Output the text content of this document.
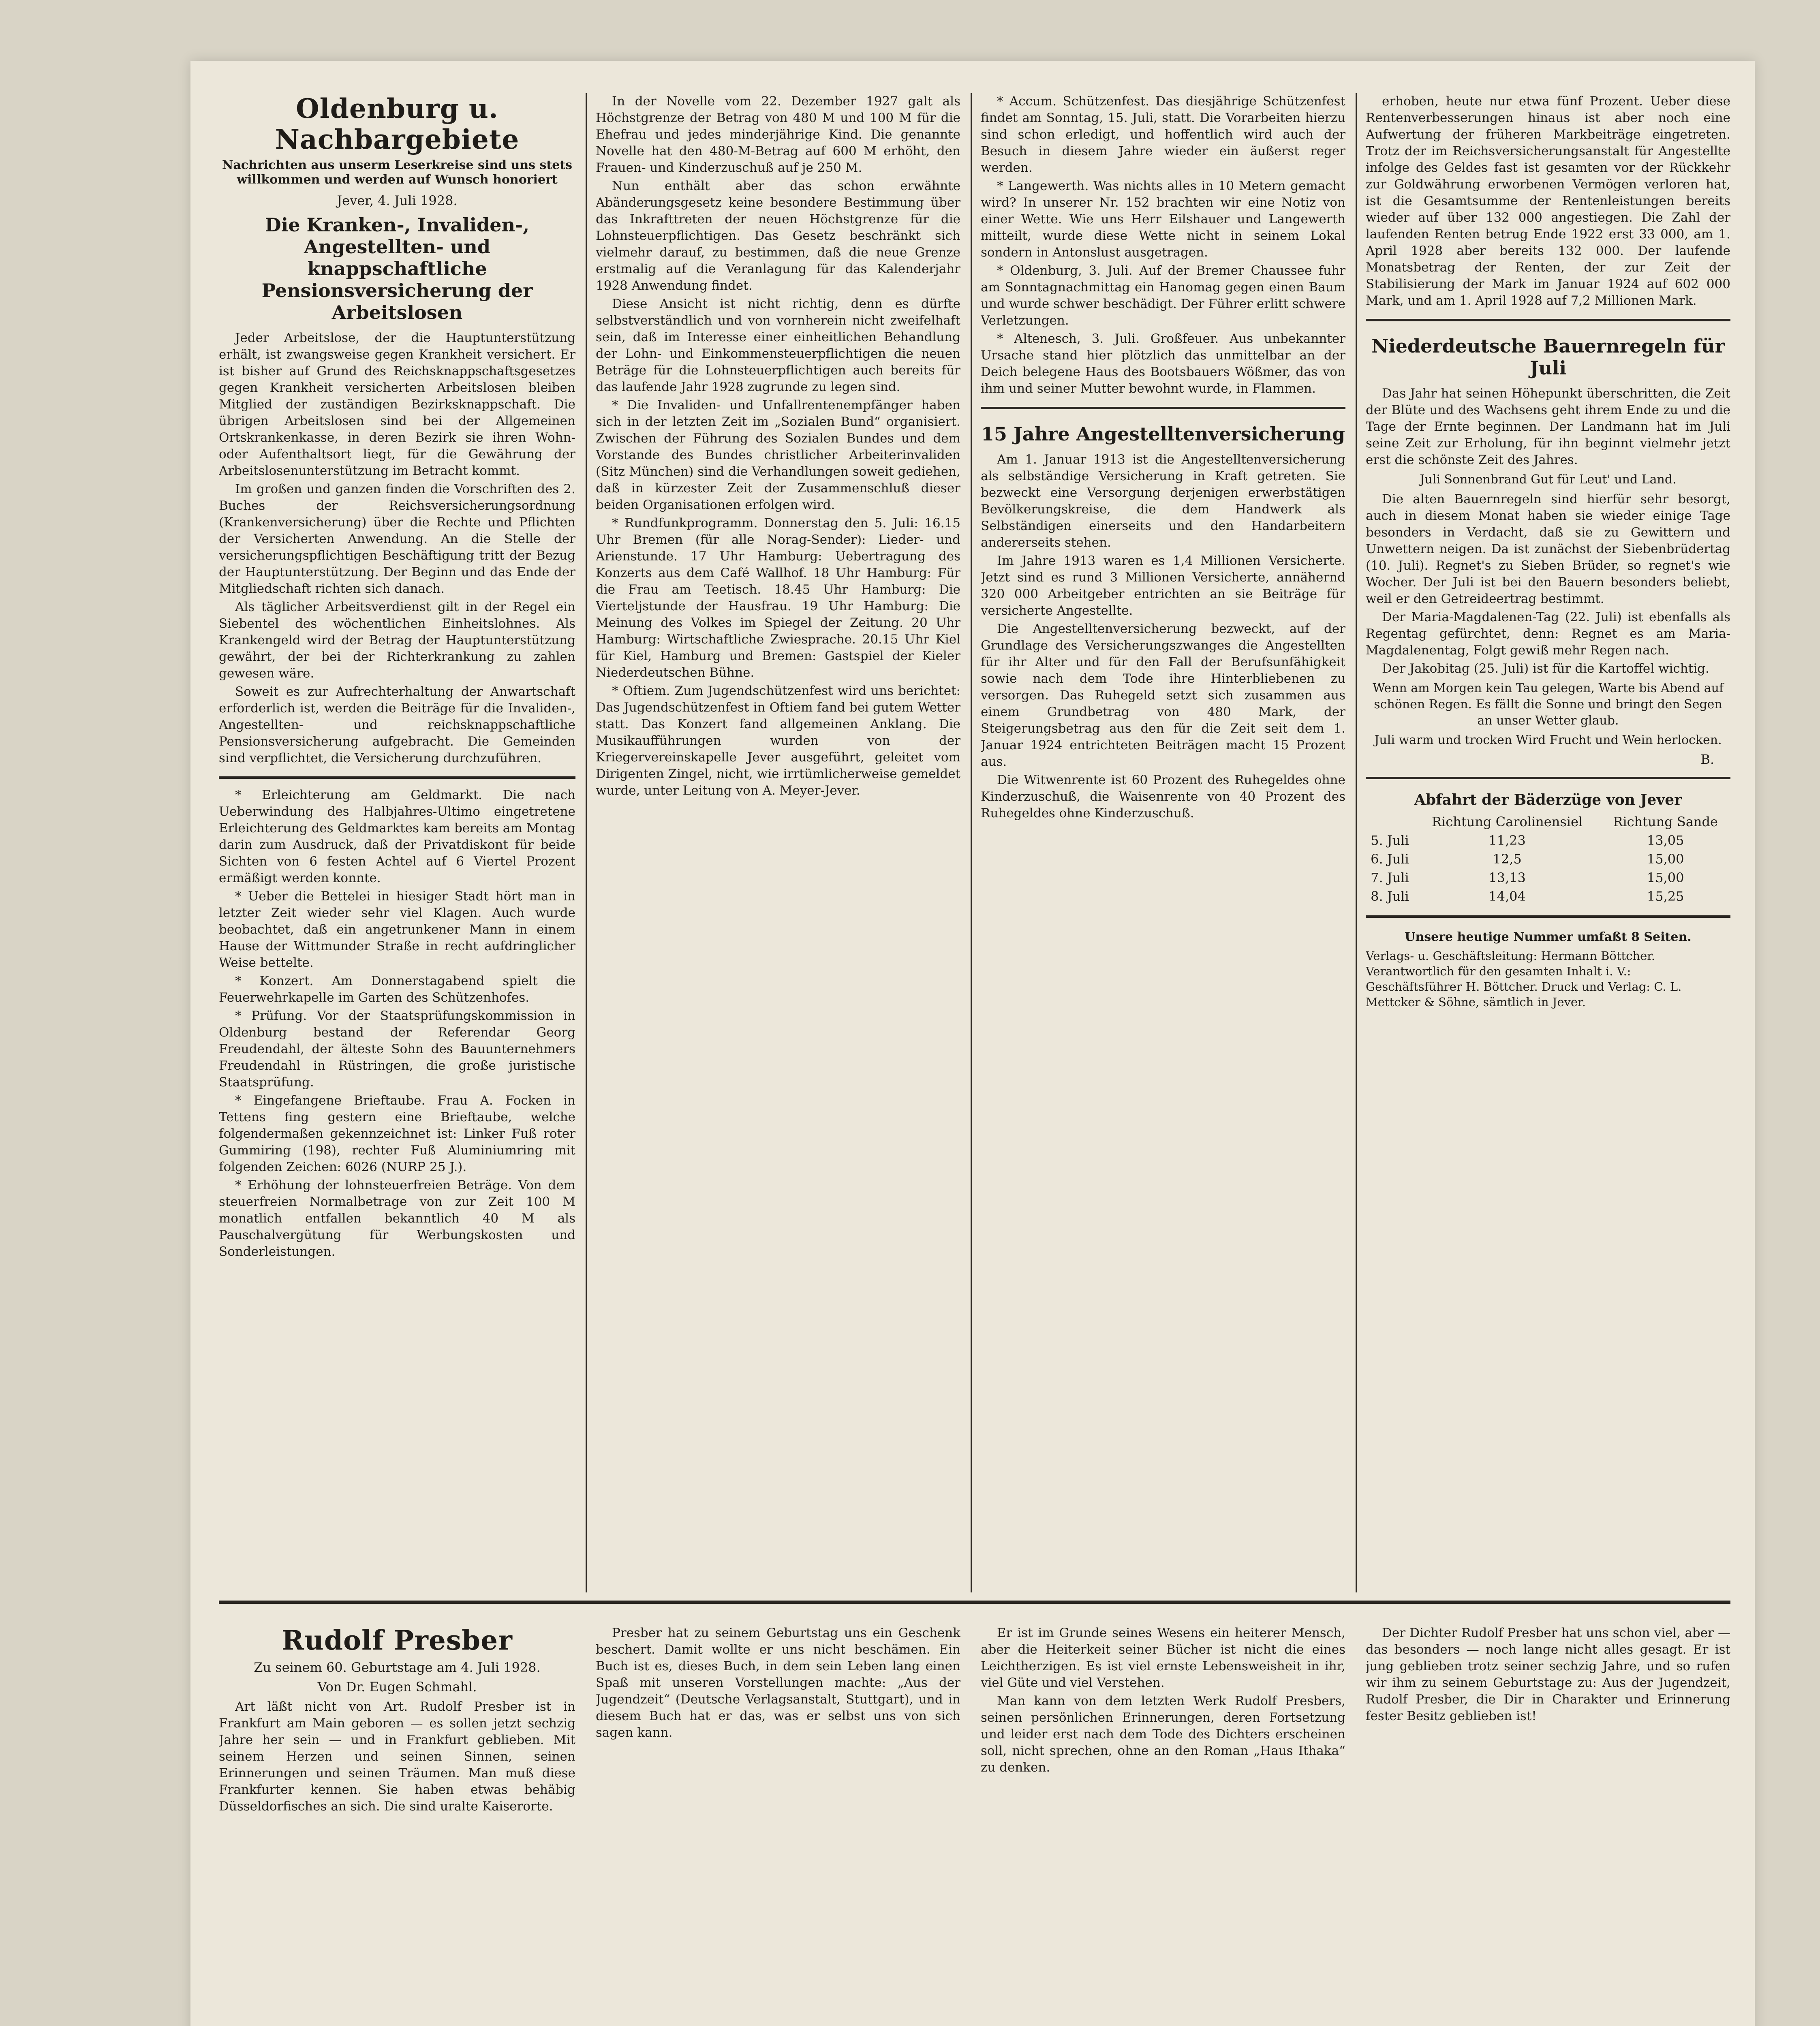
Oldenburg u. Nachbargebiete
Nachrichten aus unserm Leserkreise sind uns stets willkommen und werden auf Wunsch honoriert
Jever, 4. Juli 1928.
Die Kranken-, Invaliden-, Angestellten- und knappschaftliche Pensionsversicherung der Arbeitslosen

Jeder Arbeitslose, der die Hauptunterstützung erhält, ist zwangsweise gegen Krankheit versichert. Er ist bisher auf Grund des Reichsknappschaftsgesetzes gegen Krankheit versicherten Arbeitslosen bleiben Mitglied der zuständigen Bezirksknappschaft. Die übrigen Arbeitslosen sind bei der Allgemeinen Ortskrankenkasse, in deren Bezirk sie ihren Wohn- oder Aufenthaltsort liegt, für die Gewährung der Arbeitslosenunterstützung im Betracht kommt.

Im großen und ganzen finden die Vorschriften des 2. Buches der Reichsversicherungsordnung (Krankenversicherung) über die Rechte und Pflichten der Versicherten Anwendung. An die Stelle der versicherungspflichtigen Beschäftigung tritt der Bezug der Hauptunterstützung. Der Beginn und das Ende der Mitgliedschaft richten sich danach.

Als täglicher Arbeitsverdienst gilt in der Regel ein Siebentel des wöchentlichen Einheitslohnes. Als Krankengeld wird der Betrag der Hauptunterstützung gewährt, der bei der Richterkrankung zu zahlen gewesen wäre.

Soweit es zur Aufrechterhaltung der Anwartschaft erforderlich ist, werden die Beiträge für die Invaliden-, Angestellten- und reichsknappschaftliche Pensionsversicherung aufgebracht. Die Gemeinden sind verpflichtet, die Versicherung durchzuführen.

* Erleichterung am Geldmarkt. Die nach Ueberwindung des Halbjahres-Ultimo eingetretene Erleichterung des Geldmarktes kam bereits am Montag darin zum Ausdruck, daß der Privatdiskont für beide Sichten von 6 festen Achtel auf 6 Viertel Prozent ermäßigt werden konnte.

* Ueber die Bettelei in hiesiger Stadt hört man in letzter Zeit wieder sehr viel Klagen. Auch wurde beobachtet, daß ein angetrunkener Mann in einem Hause der Wittmunder Straße in recht aufdringlicher Weise bettelte.

* Konzert. Am Donnerstagabend spielt die Feuerwehrkapelle im Garten des Schützenhofes.

* Prüfung. Vor der Staatsprüfungskommission in Oldenburg bestand der Referendar Georg Freudendahl, der älteste Sohn des Bauunternehmers Freudendahl in Rüstringen, die große juristische Staatsprüfung.

* Eingefangene Brieftaube. Frau A. Focken in Tettens fing gestern eine Brieftaube, welche folgendermaßen gekennzeichnet ist: Linker Fuß roter Gummiring (198), rechter Fuß Aluminiumring mit folgenden Zeichen: 6026 (NURP 25 J.).

* Erhöhung der lohnsteuerfreien Beträge. Von dem steuerfreien Normalbetrage von zur Zeit 100 M monatlich entfallen bekanntlich 40 M als Pauschalvergütung für Werbungskosten und Sonderleistungen.

In der Novelle vom 22. Dezember 1927 galt als Höchstgrenze der Betrag von 480 M und 100 M für die Ehefrau und jedes minderjährige Kind. Die genannte Novelle hat den 480-M-Betrag auf 600 M erhöht, den Frauen- und Kinderzuschuß auf je 250 M.

Nun enthält aber das schon erwähnte Abänderungsgesetz keine besondere Bestimmung über das Inkrafttreten der neuen Höchstgrenze für die Lohnsteuerpflichtigen. Das Gesetz beschränkt sich vielmehr darauf, zu bestimmen, daß die neue Grenze erstmalig auf die Veranlagung für das Kalenderjahr 1928 Anwendung findet.

Diese Ansicht ist nicht richtig, denn es dürfte selbstverständlich und von vornherein nicht zweifelhaft sein, daß im Interesse einer einheitlichen Behandlung der Lohn- und Einkommensteuerpflichtigen die neuen Beträge für die Lohnsteuerpflichtigen auch bereits für das laufende Jahr 1928 zugrunde zu legen sind.

* Die Invaliden- und Unfallrentenempfänger haben sich in der letzten Zeit im „Sozialen Bund“ organisiert. Zwischen der Führung des Sozialen Bundes und dem Vorstande des Bundes christlicher Arbeiterinvaliden (Sitz München) sind die Verhandlungen soweit gediehen, daß in kürzester Zeit der Zusammenschluß dieser beiden Organisationen erfolgen wird.

* Rundfunkprogramm. Donnerstag den 5. Juli: 16.15 Uhr Bremen (für alle Norag-Sender): Lieder- und Arienstunde. 17 Uhr Hamburg: Uebertragung des Konzerts aus dem Café Wallhof. 18 Uhr Hamburg: Für die Frau am Teetisch. 18.45 Uhr Hamburg: Die Vierteljstunde der Hausfrau. 19 Uhr Hamburg: Die Meinung des Volkes im Spiegel der Zeitung. 20 Uhr Hamburg: Wirtschaftliche Zwiesprache. 20.15 Uhr Kiel für Kiel, Hamburg und Bremen: Gastspiel der Kieler Niederdeutschen Bühne.

* Oftiem. Zum Jugendschützenfest wird uns berichtet: Das Jugendschützenfest in Oftiem fand bei gutem Wetter statt. Das Konzert fand allgemeinen Anklang. Die Musikaufführungen wurden von der Kriegervereinskapelle Jever ausgeführt, geleitet vom Dirigenten Zingel, nicht, wie irrtümlicherweise gemeldet wurde, unter Leitung von A. Meyer-Jever.

* Accum. Schützenfest. Das diesjährige Schützenfest findet am Sonntag, 15. Juli, statt. Die Vorarbeiten hierzu sind schon erledigt, und hoffentlich wird auch der Besuch in diesem Jahre wieder ein äußerst reger werden.

* Langewerth. Was nichts alles in 10 Metern gemacht wird? In unserer Nr. 152 brachten wir eine Notiz von einer Wette. Wie uns Herr Eilshauer und Langewerth mitteilt, wurde diese Wette nicht in seinem Lokal sondern in Antonslust ausgetragen.

* Oldenburg, 3. Juli. Auf der Bremer Chaussee fuhr am Sonntagnachmittag ein Hanomag gegen einen Baum und wurde schwer beschädigt. Der Führer erlitt schwere Verletzungen.

* Altenesch, 3. Juli. Großfeuer. Aus unbekannter Ursache stand hier plötzlich das unmittelbar an der Deich belegene Haus des Bootsbauers Wößmer, das von ihm und seiner Mutter bewohnt wurde, in Flammen.

15 Jahre Angestelltenversicherung

Am 1. Januar 1913 ist die Angestelltenversicherung als selbständige Versicherung in Kraft getreten. Sie bezweckt eine Versorgung derjenigen erwerbstätigen Bevölkerungskreise, die dem Handwerk als Selbständigen einerseits und den Handarbeitern andererseits stehen.

Im Jahre 1913 waren es 1,4 Millionen Versicherte. Jetzt sind es rund 3 Millionen Versicherte, annähernd 320 000 Arbeitgeber entrichten an sie Beiträge für versicherte Angestellte.

Die Angestelltenversicherung bezweckt, auf der Grundlage des Versicherungszwanges die Angestellten für ihr Alter und für den Fall der Berufsunfähigkeit sowie nach dem Tode ihre Hinterbliebenen zu versorgen. Das Ruhegeld setzt sich zusammen aus einem Grundbetrag von 480 Mark, der Steigerungsbetrag aus den für die Zeit seit dem 1. Januar 1924 entrichteten Beiträgen macht 15 Prozent aus.

Die Witwenrente ist 60 Prozent des Ruhegeldes ohne Kinderzuschuß, die Waisenrente von 40 Prozent des Ruhegeldes ohne Kinderzuschuß.

erhoben, heute nur etwa fünf Prozent. Ueber diese Rentenverbesserungen hinaus ist aber noch eine Aufwertung der früheren Markbeiträge eingetreten. Trotz der im Reichsversicherungsanstalt für Angestellte infolge des Geldes fast ist gesamten vor der Rückkehr zur Goldwährung erworbenen Vermögen verloren hat, ist die Gesamtsumme der Rentenleistungen bereits wieder auf über 132 000 angestiegen. Die Zahl der laufenden Renten betrug Ende 1922 erst 33 000, am 1. April 1928 aber bereits 132 000. Der laufende Monatsbetrag der Renten, der zur Zeit der Stabilisierung der Mark im Januar 1924 auf 602 000 Mark, und am 1. April 1928 auf 7,2 Millionen Mark.

Niederdeutsche Bauernregeln für Juli

Das Jahr hat seinen Höhepunkt überschritten, die Zeit der Blüte und des Wachsens geht ihrem Ende zu und die Tage der Ernte beginnen. Der Landmann hat im Juli seine Zeit zur Erholung, für ihn beginnt vielmehr jetzt erst die schönste Zeit des Jahres.

Juli Sonnenbrand Gut für Leut' und Land.

Die alten Bauernregeln sind hierfür sehr besorgt, auch in diesem Monat haben sie wieder einige Tage besonders in Verdacht, daß sie zu Gewittern und Unwettern neigen. Da ist zunächst der Siebenbrüdertag (10. Juli). Regnet's zu Sieben Brüder, so regnet's wie Wocher. Der Juli ist bei den Bauern besonders beliebt, weil er den Getreideertrag bestimmt.

Der Maria-Magdalenen-Tag (22. Juli) ist ebenfalls als Regentag gefürchtet, denn: Regnet es am Maria-Magdalenentag, Folgt gewiß mehr Regen nach.

Der Jakobitag (25. Juli) ist für die Kartoffel wichtig.

Wenn am Morgen kein Tau gelegen, Warte bis Abend auf schönen Regen. Es fällt die Sonne und bringt den Segen an unser Wetter glaub.
Juli warm und trocken Wird Frucht und Wein herlocken.
B.
Abfahrt der Bäderzüge von Jever
	Richtung Carolinensiel	Richtung Sande
5. Juli	11,23	13,05
6. Juli	12,5	15,00
7. Juli	13,13	15,00
8. Juli	14,04	15,25
Unsere heutige Nummer umfaßt 8 Seiten.
Verlags- u. Geschäftsleitung: Hermann Böttcher. Verantwortlich für den gesamten Inhalt i. V.: Geschäftsführer H. Böttcher. Druck und Verlag: C. L. Mettcker & Söhne, sämtlich in Jever.
Rudolf Presber
Zu seinem 60. Geburtstage am 4. Juli 1928.
Von Dr. Eugen Schmahl.

Art läßt nicht von Art. Rudolf Presber ist in Frankfurt am Main geboren — es sollen jetzt sechzig Jahre her sein — und in Frankfurt geblieben. Mit seinem Herzen und seinen Sinnen, seinen Erinnerungen und seinen Träumen. Man muß diese Frankfurter kennen. Sie haben etwas behäbig Düsseldorfisches an sich. Die sind uralte Kaiserorte.

Presber hat zu seinem Geburtstag uns ein Geschenk beschert. Damit wollte er uns nicht beschämen. Ein Buch ist es, dieses Buch, in dem sein Leben lang einen Spaß mit unseren Vorstellungen machte: „Aus der Jugendzeit“ (Deutsche Verlagsanstalt, Stuttgart), und in diesem Buch hat er das, was er selbst uns von sich sagen kann.

Er ist im Grunde seines Wesens ein heiterer Mensch, aber die Heiterkeit seiner Bücher ist nicht die eines Leichtherzigen. Es ist viel ernste Lebensweisheit in ihr, viel Güte und viel Verstehen.

Man kann von dem letzten Werk Rudolf Presbers, seinen persönlichen Erinnerungen, deren Fortsetzung und leider erst nach dem Tode des Dichters erscheinen soll, nicht sprechen, ohne an den Roman „Haus Ithaka“ zu denken.

Der Dichter Rudolf Presber hat uns schon viel, aber — das besonders — noch lange nicht alles gesagt. Er ist jung geblieben trotz seiner sechzig Jahre, und so rufen wir ihm zu seinem Geburtstage zu: Aus der Jugendzeit, Rudolf Presber, die Dir in Charakter und Erinnerung fester Besitz geblieben ist!
